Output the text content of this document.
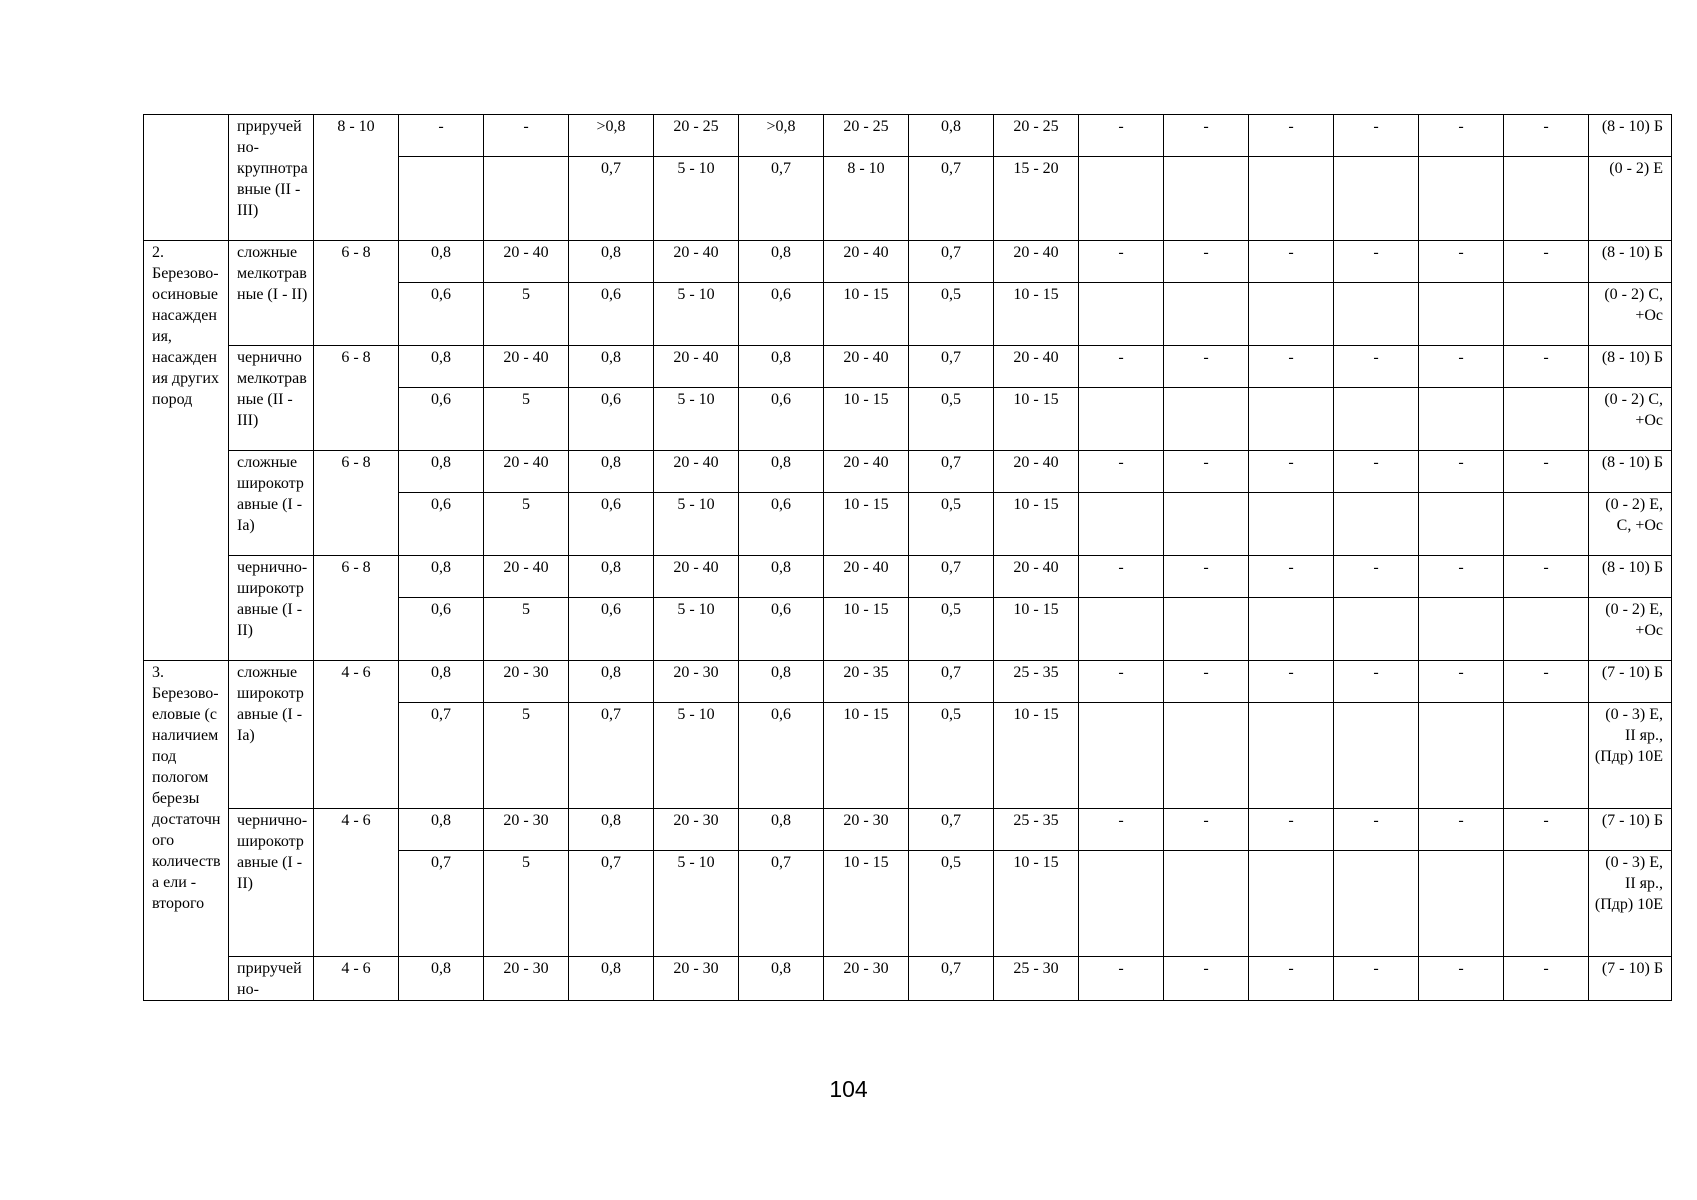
	приручейно-крупнотравные (II - III)	8 - 10	-	-	>0,8	20 - 25	>0,8	20 - 25	0,8	20 - 25	-	-	-	-	-	-	(8 - 10) Б
					0,7	5 - 10	0,7	8 - 10	0,7	15 - 20							(0 - 2) Е
2. Березово-осиновые насаждения, насаждения других пород	сложные мелкотравные (I - II)	6 - 8	0,8	20 - 40	0,8	20 - 40	0,8	20 - 40	0,7	20 - 40	-	-	-	-	-	-	(8 - 10) Б
			0,6	5	0,6	5 - 10	0,6	10 - 15	0,5	10 - 15							(0 - 2) С, +Ос
	черничномелкотравные (II - III)	6 - 8	0,8	20 - 40	0,8	20 - 40	0,8	20 - 40	0,7	20 - 40	-	-	-	-	-	-	(8 - 10) Б
			0,6	5	0,6	5 - 10	0,6	10 - 15	0,5	10 - 15							(0 - 2) С, +Ос
	сложные широкотравные (I - Ia)	6 - 8	0,8	20 - 40	0,8	20 - 40	0,8	20 - 40	0,7	20 - 40	-	-	-	-	-	-	(8 - 10) Б
			0,6	5	0,6	5 - 10	0,6	10 - 15	0,5	10 - 15							(0 - 2) Е, С, +Ос
	чернично-широкотравные (I - II)	6 - 8	0,8	20 - 40	0,8	20 - 40	0,8	20 - 40	0,7	20 - 40	-	-	-	-	-	-	(8 - 10) Б
			0,6	5	0,6	5 - 10	0,6	10 - 15	0,5	10 - 15							(0 - 2) Е, +Ос
3. Березово-еловые (с наличием под пологом березы достаточного количества ели - второго	сложные широкотравные (I - Ia)	4 - 6	0,8	20 - 30	0,8	20 - 30	0,8	20 - 35	0,7	25 - 35	-	-	-	-	-	-	(7 - 10) Б
			0,7	5	0,7	5 - 10	0,6	10 - 15	0,5	10 - 15							(0 - 3) Е, II яр., (Пдр) 10Е
	чернично-широкотравные (I - II)	4 - 6	0,8	20 - 30	0,8	20 - 30	0,8	20 - 30	0,7	25 - 35	-	-	-	-	-	-	(7 - 10) Б
			0,7	5	0,7	5 - 10	0,7	10 - 15	0,5	10 - 15							(0 - 3) Е, II яр., (Пдр) 10Е
	приручейно-	4 - 6	0,8	20 - 30	0,8	20 - 30	0,8	20 - 30	0,7	25 - 30	-	-	-	-	-	-	(7 - 10) Б
104
